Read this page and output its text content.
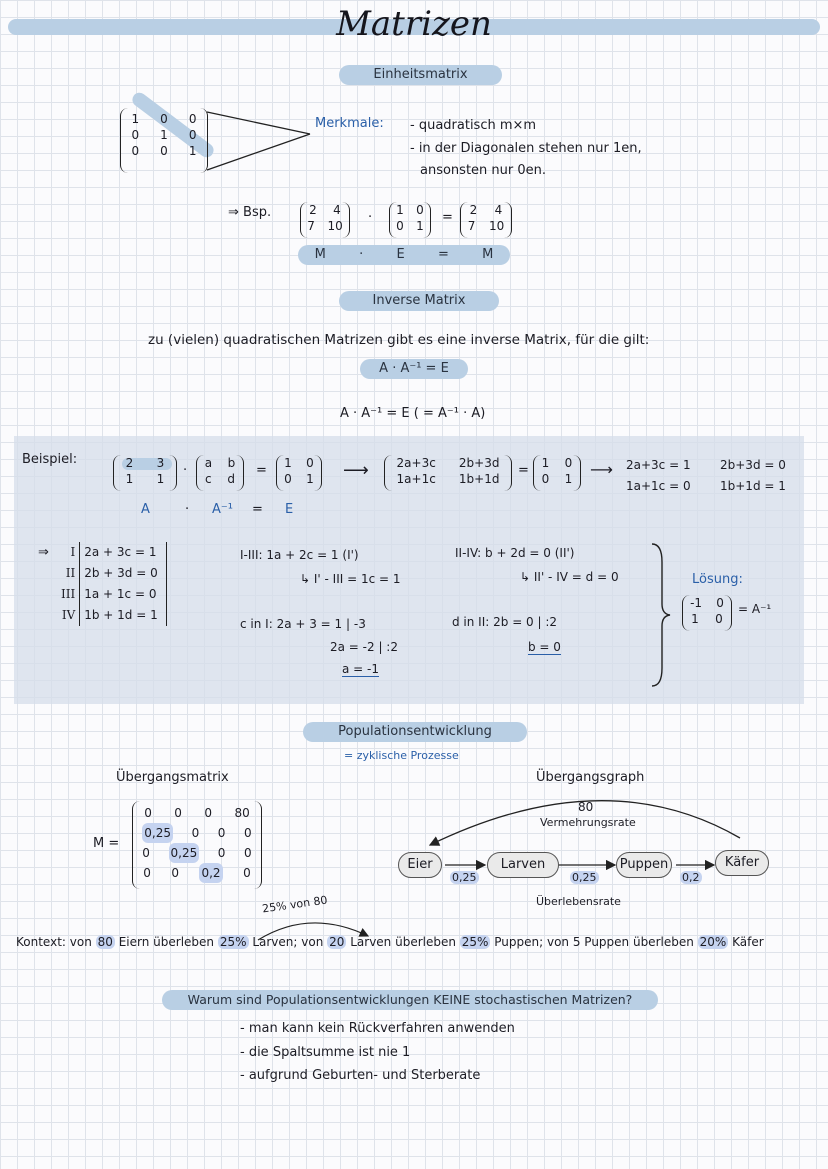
Matrizen
Einheitsmatrix
1 0 0
0 1 0
0 0 1
Merkmale: - quadratisch m×m
- in der Diagonalen stehen nur 1en,
ansonsten nur 0en.
⇒ Bsp.	2 4
7 10
· 1 0
0 1
= 2 4
7 10
M	·	E	=	M
Inverse Matrix
zu (vielen) quadratischen Matrizen gibt es eine inverse Matrix, für die gilt:
A · A⁻¹ = E
A · A⁻¹ = E ( = A⁻¹ · A)
Beispiel:	2 3
1 1
· a b
c d
= 1 0
0 1 ⟶ 2a+3c 2b+3d
1a+1c 1b+1d
= 1 0
0 1 ⟶ 2a+3c = 1 2b+3d = 0
1a+1c = 0 1b+1d = 1
A	· A⁻¹ = E
⇒ I	2a + 3c = 1
II	2b + 3d = 0
III	1a + 1c = 0
IV	1b + 1d = 1
I-III: 1a + 2c = 1 (I')
↳ I' - III = 1c = 1
II-IV: b + 2d = 0 (II')
↳ II' - IV = d = 0
c in I: 2a + 3 = 1 | -3
2a = -2 | :2
a = -1
d in II: 2b = 0 | :2
b = 0
Lösung:
-1 0
1 0
= A⁻¹
Populationsentwicklung
= zyklische Prozesse
Übergangsmatrix
M =
0 0 0 80
0,25 0 0 0
0 0,25 0 0
0 0 0,2 0
Übergangsgraph
Eier	Larven	Puppen	Käfer
0,25	0,25	0,2
80
Vermehrungsrate
Überlebensrate
25% von 80
Kontext: von 80 Eiern überleben 25% Larven; von 20 Larven überleben 25% Puppen; von 5 Puppen überleben 20% Käfer
Warum sind Populationsentwicklungen KEINE stochastischen Matrizen?
- man kann kein Rückverfahren anwenden
- die Spaltsumme ist nie 1
- aufgrund Geburten- und Sterberate
